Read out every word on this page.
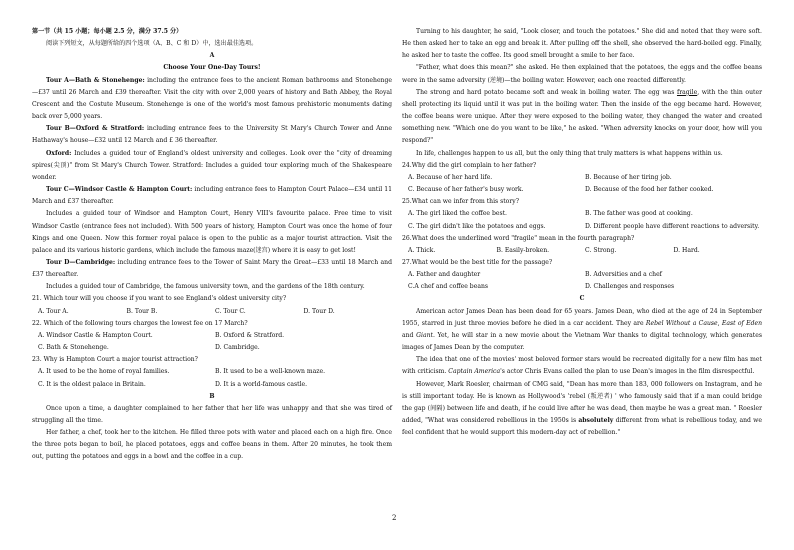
第一节（共 15 小题；每小题 2.5 分，满分 37.5 分）

阅读下列短文，从每题所给的四个选项（A、B、C 和 D）中，选出最佳选项。

A

Choose Your One-Day Tours!

Tour A—Bath & Stonehenge: including the entrance fees to the ancient Roman bathrooms and Stonehenge —£37 until 26 March and £39 thereafter. Visit the city with over 2,000 years of history and Bath Abbey, the Royal Crescent and the Costute Museum. Stonehenge is one of the world's most famous prehistoric monuments dating back over 5,000 years.

Tour B—Oxford & Stratford: including entrance fees to the University St Mary's Church Tower and Anne Hathaway's house—£32 until 12 March and £ 36 thereafter.

Oxford: Includes a guided tour of England's oldest university and colleges. Look over the "city of dreaming spires(尖顶)" from St Mary's Church Tower. Stratford: Includes a guided tour exploring much of the Shakespeare wonder.

Tour C—Windsor Castle & Hampton Court: including entrance fees to Hampton Court Palace—£34 until 11 March and £37 thereafter.

Includes a guided tour of Windsor and Hampton Court, Henry VIII's favourite palace. Free time to visit Windsor Castle (entrance fees not included). With 500 years of history, Hampton Court was once the home of four Kings and one Queen. Now this former royal palace is open to the public as a major tourist attraction. Visit the palace and its various historic gardens, which include the famous maze(迷宫) where it is easy to get lost!

Tour D—Cambridge: including entrance fees to the Tower of Saint Mary the Great—£33 until 18 March and £37 thereafter.

Includes a guided tour of Cambridge, the famous university town, and the gardens of the 18th century.

21. Which tour will you choose if you want to see England's oldest university city?

A. Tour A.	B. Tour B.	C. Tour C.	D. Tour D.

22. Which of the following tours charges the lowest fee on 17 March?

A. Windsor Castle & Hampton Court.	B. Oxford & Stratford.
C. Bath & Stonehenge.	D. Cambridge.

23. Why is Hampton Court a major tourist attraction?

A. It used to be the home of royal families.	B. It used to be a well-known maze.
C. It is the oldest palace in Britain.	D. It is a world-famous castle.

B

Once upon a time, a daughter complained to her father that her life was unhappy and that she was tired of struggling all the time.

Her father, a chef, took her to the kitchen. He filled three pots with water and placed each on a high fire. Once the three pots began to boil, he placed potatoes, eggs and coffee beans in them. After 20 minutes, he took them out, putting the potatoes and eggs in a bowl and the coffee in a cup.

Turning to his daughter, he said, "Look closer, and touch the potatoes." She did and noted that they were soft. He then asked her to take an egg and break it. After pulling off the shell, she observed the hard-boiled egg. Finally, he asked her to taste the coffee. Its good smell brought a smile to her face.

"Father, what does this mean?" she asked. He then explained that the potatoes, the eggs and the coffee beans were in the same adversity (逆境)—the boiling water. However, each one reacted differently.

The strong and hard potato became soft and weak in boiling water. The egg was fragile, with the thin outer shell protecting its liquid until it was put in the boiling water. Then the inside of the egg became hard. However, the coffee beans were unique. After they were exposed to the boiling water, they changed the water and created something new. "Which one do you want to be like," he asked. "When adversity knocks on your door, how will you respond?"

In life, challenges happen to us all, but the only thing that truly matters is what happens within us.

24.Why did the girl complain to her father?

A. Because of her hard life.	B. Because of her tiring job.
C. Because of her father's busy work.	D. Because of the food her father cooked.

25.What can we infer from this story?

A. The girl liked the coffee best.	B. The father was good at cooking.
C. The girl didn't like the potatoes and eggs.	D. Different people have different reactions to adversity.

26.What does the underlined word "fragile" mean in the fourth paragraph?

A. Thick.	B. Easily-broken.	C. Strong.	D. Hard.

27.What would be the best title for the passage?

A. Father and daughter	B. Adversities and a chef
C.A chef and coffee beans	D. Challenges and responses

C

American actor James Dean has been dead for 65 years. James Dean, who died at the age of 24 in September 1955, starred in just three movies before he died in a car accident. They are Rebel Without a Cause, East of Eden and Giant. Yet, he will star in a new movie about the Vietnam War thanks to digital technology, which generates images of James Dean by the computer.

The idea that one of the movies' most beloved former stars would be recreated digitally for a new film has met with criticism. Captain America's actor Chris Evans called the plan to use Dean's images in the film disrespectful.

However, Mark Roesler, chairman of CMG said, "Dean has more than 183, 000 followers on Instagram, and he is still important today. He is known as Hollywood's 'rebel (叛逆者) ' who famously said that if a man could bridge the gap (间隔) between life and death, if he could live after he was dead, then maybe he was a great man. " Roesler added, "What was considered rebellious in the 1950s is absolutely different from what is rebellious today, and we feel confident that he would support this modern-day act of rebellion."

2
